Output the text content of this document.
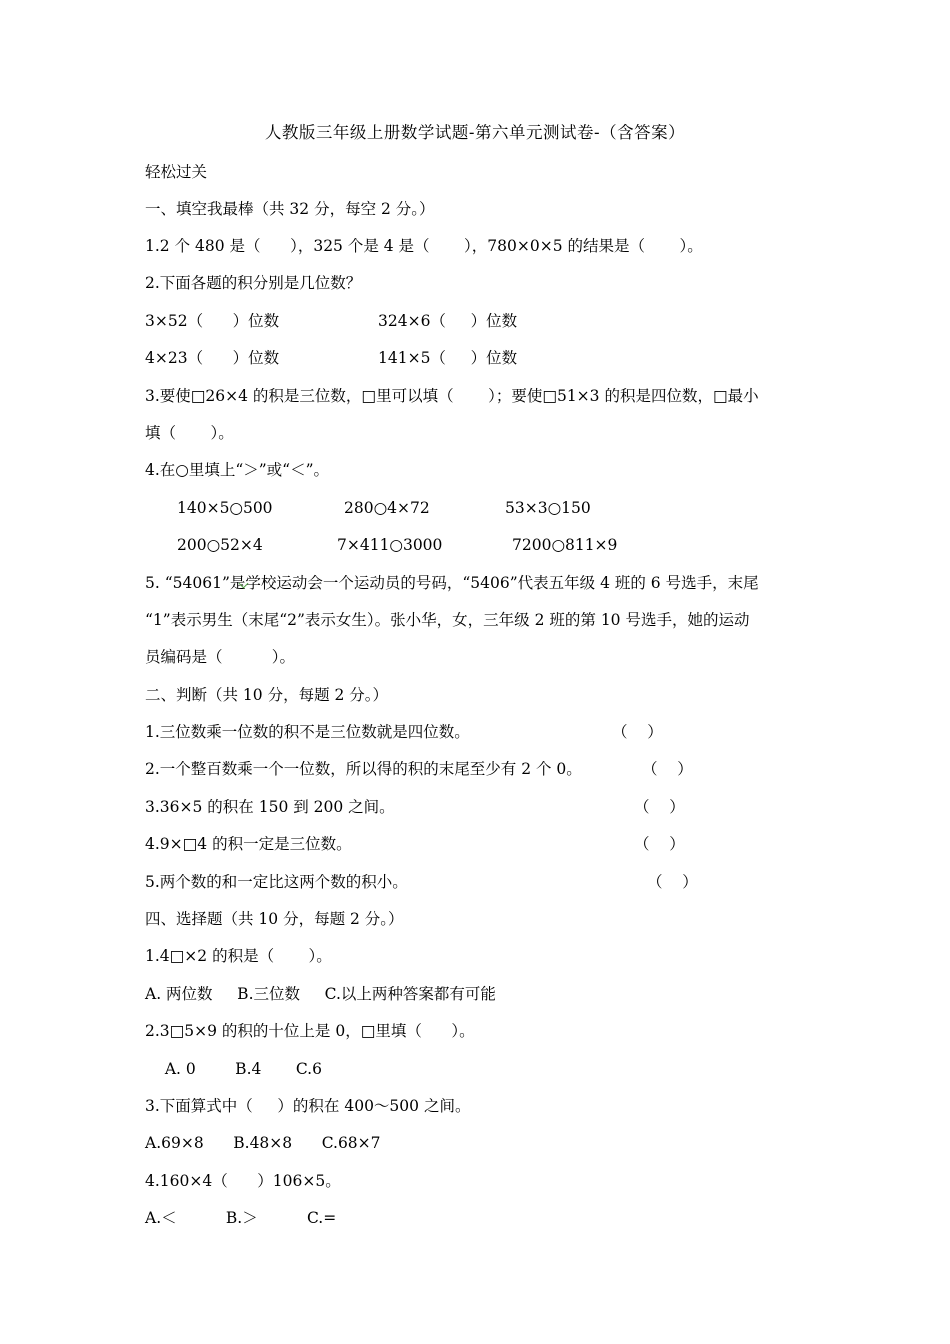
人教版三年级上册数学试题-第六单元测试卷-（含答案）
轻松过关
一、填空我最棒（共 32 分，每空 2 分。）
1.2 个 480 是（      ），325 个是 4 是（       ），780×0×5 的结果是（       ）。
2.下面各题的积分别是几位数？
3×52（      ）位数	324×6（     ）位数
4×23（      ）位数	141×5（     ）位数
3.要使□26×4 的积是三位数，□里可以填（       ）；要使□51×3 的积是四位数，□最小
填（       ）。
4.在○里填上“＞”或“＜”。
140×5○500	280○4×72	53×3○150
200○52×4	7×411○3000	7200○811×9
5. “54061”是学校运动会一个运动员的号码，“5406”代表五年级 4 班的 6 号选手，末尾
“1”表示男生（末尾“2”表示女生）。张小华，女，三年级 2 班的第 10 号选手，她的运动
员编码是（          ）。
二、判断（共 10 分，每题 2 分。）
1.三位数乘一位数的积不是三位数就是四位数。	（    ）
2.一个整百数乘一个一位数，所以得的积的末尾至少有 2 个 0。	（    ）
3.36×5 的积在 150 到 200 之间。	（    ）
4.9×□4 的积一定是三位数。	（    ）
5.两个数的和一定比这两个数的积小。	（    ）
四、选择题（共 10 分，每题 2 分。）
1.4□×2 的积是（       ）。
A. 两位数     B.三位数     C.以上两种答案都有可能
2.3□5×9 的积的十位上是 0，□里填（      ）。
A. 0        B.4       C.6
3.下面算式中（     ）的积在 400～500 之间。
A.69×8      B.48×8      C.68×7
4.160×4（      ）106×5。
A.＜          B.＞          C.=
